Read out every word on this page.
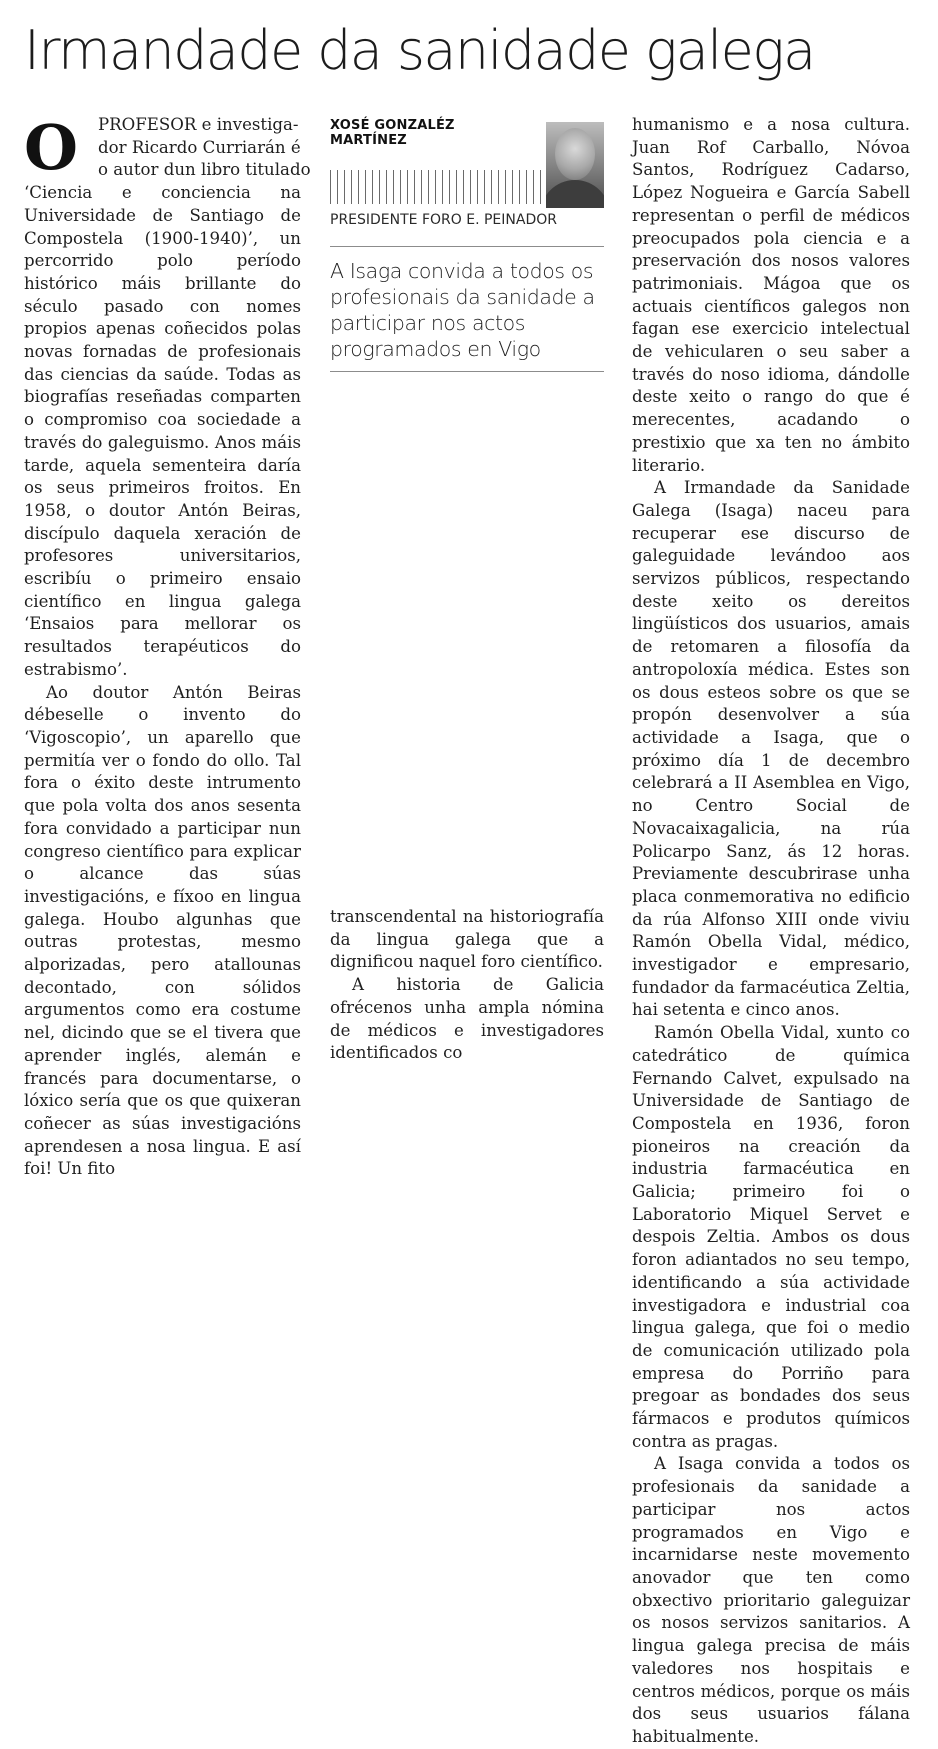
Irmandade da sanidade galega
O	PROFESOR e investiga-
dor Ricardo Curriarán é
o autor dun libro titulado

‘Ciencia e conciencia na Universidade de Santiago de Compostela (1900-1940)’, un percorrido polo período histórico máis brillante do século pasado con nomes propios apenas coñecidos polas novas fornadas de profesionais das ciencias da saúde. Todas as biografías reseñadas comparten o compromiso coa sociedade a través do galeguismo. Anos máis tarde, aquela sementeira daría os seus primeiros froitos. En 1958, o doutor Antón Beiras, discípulo daquela xeración de profesores universitarios, escribíu o primeiro ensaio científico en lingua galega ‘Ensaios para mellorar os resultados terapéuticos do estrabismo’.

Ao doutor Antón Beiras débeselle o invento do ‘Vigoscopio’, un aparello que permitía ver o fondo do ollo. Tal fora o éxito deste intrumento que pola volta dos anos sesenta fora convidado a participar nun congreso científico para explicar o alcance das súas investigacións, e fíxoo en lingua galega. Houbo algunhas que outras protestas, mesmo alporizadas, pero atallounas decontado, con sólidos argumentos como era costume nel, dicindo que se el tivera que aprender inglés, alemán e francés para documentarse, o lóxico sería que os que quixeran coñecer as súas investigacións aprendesen a nosa lingua. E así foi! Un fito

XOSÉ GONZALÉZ MARTÍNEZ
PRESIDENTE FORO E. PEINADOR
A Isaga convida a todos os profesionais da sanidade a participar nos actos programados en Vigo

transcendental na historiografía da lingua galega que a dignificou naquel foro científico.

A historia de Galicia ofrécenos unha ampla nómina de médicos e investigadores identificados co

humanismo e a nosa cultura. Juan Rof Carballo, Nóvoa Santos, Rodríguez Cadarso, López Nogueira e García Sabell representan o perfil de médicos preocupados pola ciencia e a preservación dos nosos valores patrimoniais. Mágoa que os actuais científicos galegos non fagan ese exercicio intelectual de vehicularen o seu saber a través do noso idioma, dándolle deste xeito o rango do que é merecentes, acadando o prestixio que xa ten no ámbito literario.

A Irmandade da Sanidade Galega (Isaga) naceu para recuperar ese discurso de galeguidade levándoo aos servizos públicos, respectando deste xeito os dereitos lingüísticos dos usuarios, amais de retomaren a filosofía da antropoloxía médica. Estes son os dous esteos sobre os que se propón desenvolver a súa actividade a Isaga, que o próximo día 1 de decembro celebrará a II Asemblea en Vigo, no Centro Social de Novacaixagalicia, na rúa Policarpo Sanz, ás 12 horas. Previamente descubrirase unha placa conmemorativa no edificio da rúa Alfonso XIII onde viviu Ramón Obella Vidal, médico, investigador e empresario, fundador da farmacéutica Zeltia, hai setenta e cinco anos.

Ramón Obella Vidal, xunto co catedrático de química Fernando Calvet, expulsado na Universidade de Santiago de Compostela en 1936, foron pioneiros na creación da industria farmacéutica en Galicia; primeiro foi o Laboratorio Miquel Servet e despois Zeltia. Ambos os dous foron adiantados no seu tempo, identificando a súa actividade investigadora e industrial coa lingua galega, que foi o medio de comunicación utilizado pola empresa do Porriño para pregoar as bondades dos seus fármacos e produtos químicos contra as pragas.

A Isaga convida a todos os profesionais da sanidade a participar nos actos programados en Vigo e incarnidarse neste movemento anovador que ten como obxectivo prioritario galeguizar os nosos servizos sanitarios. A lingua galega precisa de máis valedores nos hospitais e centros médicos, porque os máis dos seus usuarios fálana habitualmente.
